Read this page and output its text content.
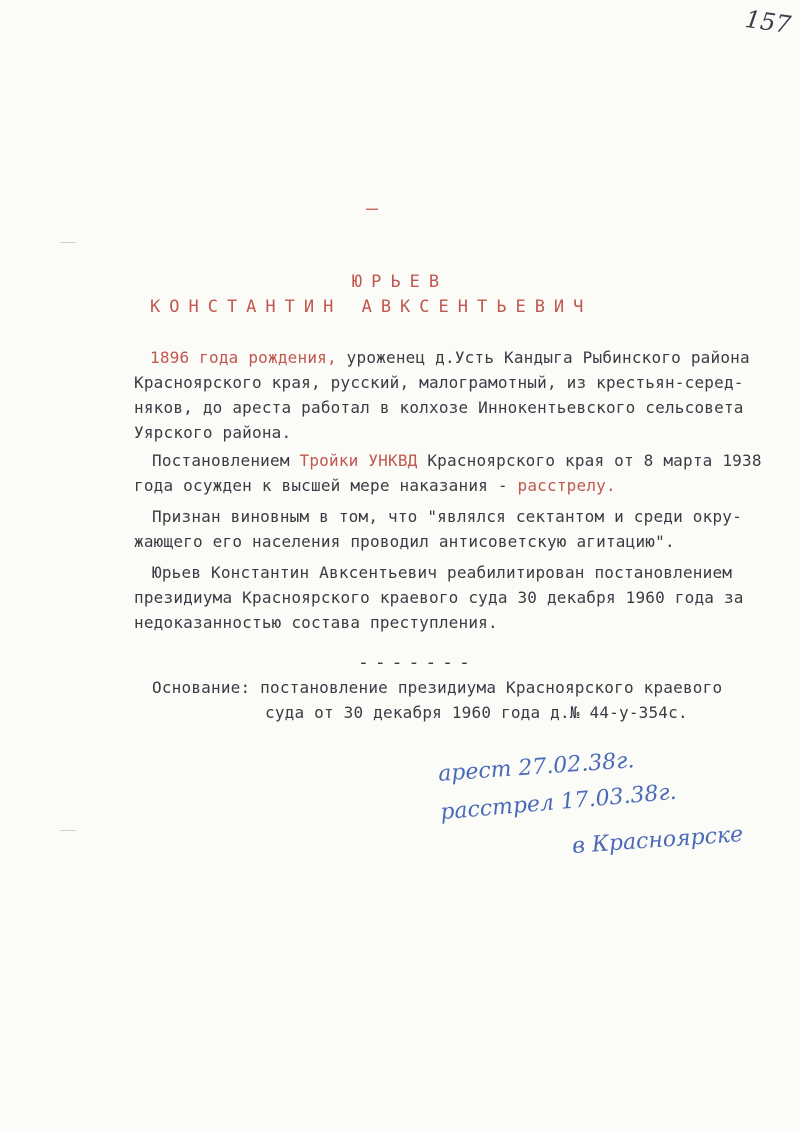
157
–
ЮРЬЕВ
КОНСТАНТИН АВКСЕНТЬЕВИЧ
1896 года рождения, уроженец д.Усть Кандыга Рыбинского района
Красноярского края, русский, малограмотный, из крестьян-серед-
няков, до ареста работал в колхозе Иннокентьевского сельсовета
Уярского района.
Постановлением Тройки УНКВД Красноярского края от 8 марта 1938
года осужден к высшей мере наказания - расстрелу.
Признан виновным в том, что "являлся сектантом и среди окру-
жающего его населения проводил антисоветскую агитацию".
Юрьев Константин Авксентьевич реабилитирован постановлением
президиума Красноярского краевого суда 30 декабря 1960 года за
недоказанностью состава преступления.
-------
Основание: постановление президиума Красноярского краевого
суда от 30 декабря 1960 года д.№ 44-у-354с.
арест 27.02.38г.
расстрел 17.03.38г.
в Красноярске
